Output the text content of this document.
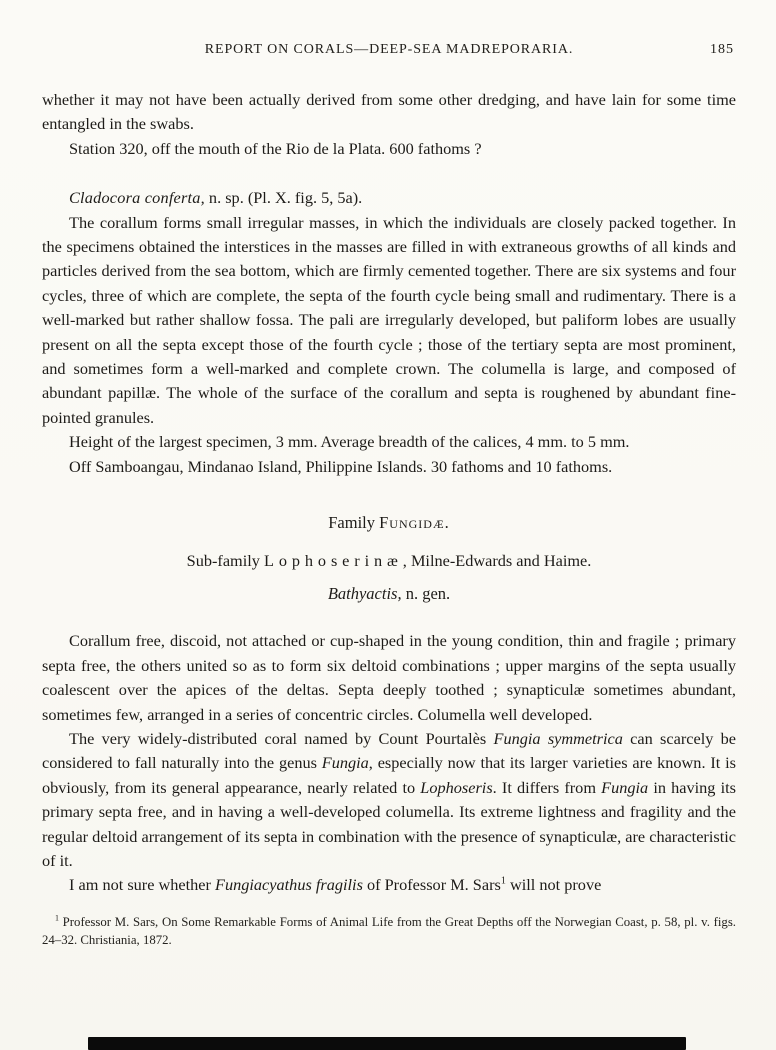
REPORT ON CORALS—DEEP-SEA MADREPORARIA.	185

whether it may not have been actually derived from some other dredging, and have lain for some time entangled in the swabs.

Station 320, off the mouth of the Rio de la Plata. 600 fathoms ?

Cladocora conferta, n. sp. (Pl. X. fig. 5, 5a).

The corallum forms small irregular masses, in which the individuals are closely packed together. In the specimens obtained the interstices in the masses are filled in with extraneous growths of all kinds and particles derived from the sea bottom, which are firmly cemented together. There are six systems and four cycles, three of which are complete, the septa of the fourth cycle being small and rudimentary. There is a well-marked but rather shallow fossa. The pali are irregularly developed, but paliform lobes are usually present on all the septa except those of the fourth cycle ; those of the tertiary septa are most prominent, and sometimes form a well-marked and complete crown. The columella is large, and composed of abundant papillæ. The whole of the surface of the corallum and septa is roughened by abundant fine-pointed granules.

Height of the largest specimen, 3 mm. Average breadth of the calices, 4 mm. to 5 mm.

Off Samboangau, Mindanao Island, Philippine Islands. 30 fathoms and 10 fathoms.

Family Fungidæ.
Sub-family Lophoserinæ, Milne-Edwards and Haime.
Bathyactis, n. gen.

Corallum free, discoid, not attached or cup-shaped in the young condition, thin and fragile ; primary septa free, the others united so as to form six deltoid combinations ; upper margins of the septa usually coalescent over the apices of the deltas. Septa deeply toothed ; synapticulæ sometimes abundant, sometimes few, arranged in a series of concentric circles. Columella well developed.

The very widely-distributed coral named by Count Pourtalès Fungia symmetrica can scarcely be considered to fall naturally into the genus Fungia, especially now that its larger varieties are known. It is obviously, from its general appearance, nearly related to Lophoseris. It differs from Fungia in having its primary septa free, and in having a well-developed columella. Its extreme lightness and fragility and the regular deltoid arrangement of its septa in combination with the presence of synapticulæ, are characteristic of it.

I am not sure whether Fungiacyathus fragilis of Professor M. Sars$^1$ will not prove

$^1$ Professor M. Sars, On Some Remarkable Forms of Animal Life from the Great Depths off the Norwegian Coast, p. 58, pl. v. figs. 24–32. Christiania, 1872.
